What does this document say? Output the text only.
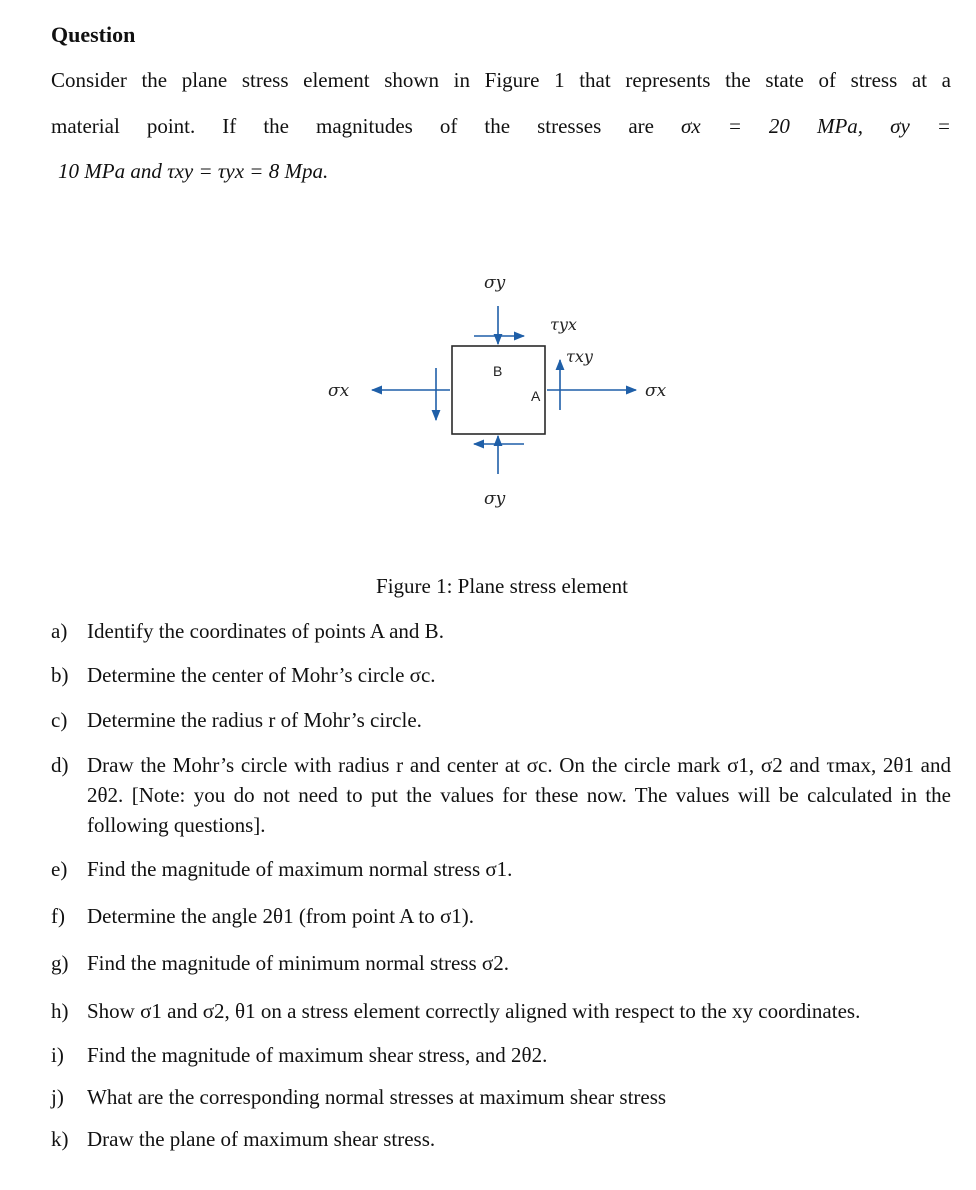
Question
Consider the plane stress element shown in Figure 1 that represents the state of stress at a
material point. If the magnitudes of the stresses are σx = 20 MPa, σy =
10 MPa and τxy = τyx = 8 Mpa.
σy
σy
σx	σx
τyx
τxy
B
A
Figure 1: Plane stress element
a) Identify the coordinates of points A and B.
b) Determine the center of Mohr’s circle σc.
c) Determine the radius r of Mohr’s circle.
d) Draw the Mohr’s circle with radius r and center at σc. On the circle mark σ1, σ2 and τmax, 2θ1 and 2θ2. [Note: you do not need to put the values for these now. The values will be calculated in the following questions].
e) Find the magnitude of maximum normal stress σ1.
f) Determine the angle 2θ1 (from point A to σ1).
g) Find the magnitude of minimum normal stress σ2.
h) Show σ1 and σ2, θ1 on a stress element correctly aligned with respect to the xy coordinates.
i) Find the magnitude of maximum shear stress, and 2θ2.
j) What are the corresponding normal stresses at maximum shear stress
k) Draw the plane of maximum shear stress.
